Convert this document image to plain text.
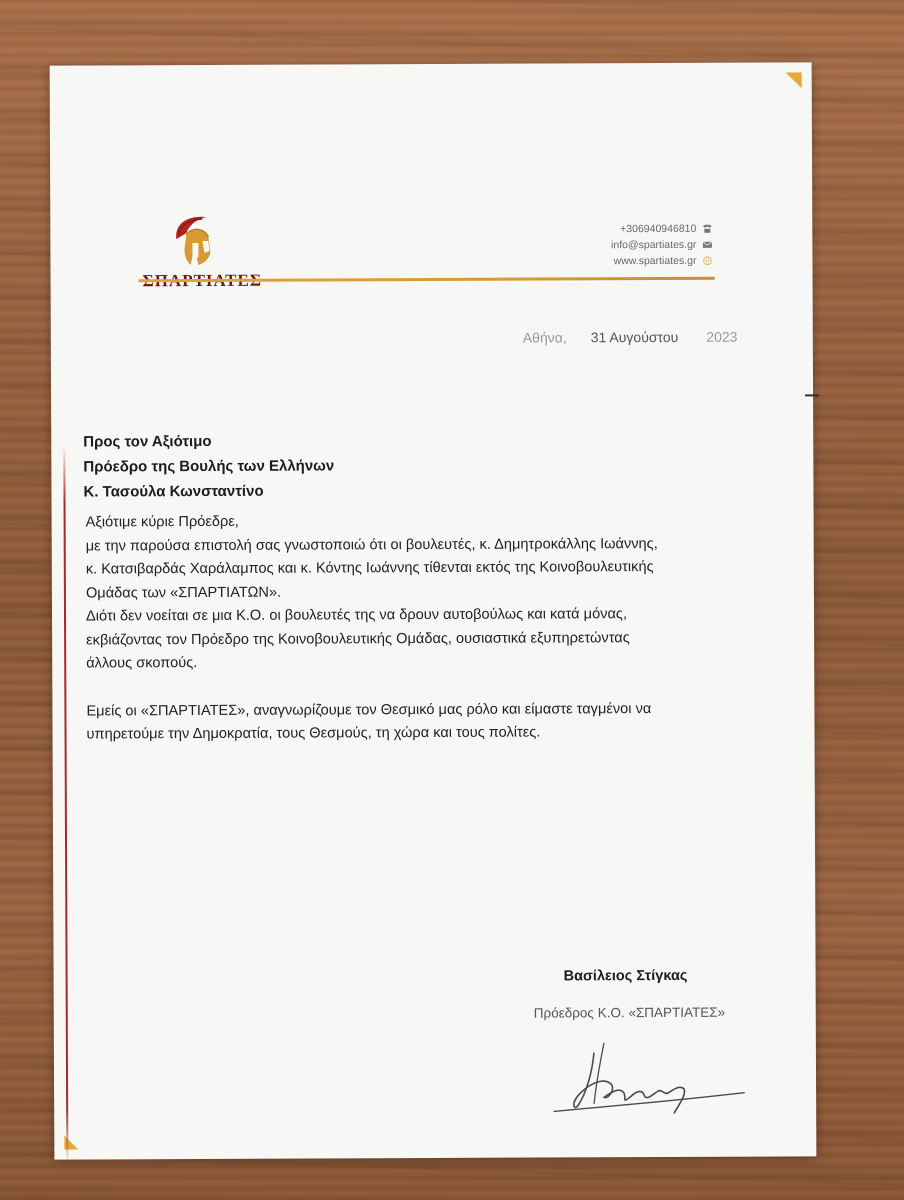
+306940946810
info@spartiates.gr
www.spartiates.gr
Αθήνα, 31 Αυγούστου 2023
Προς τον Αξιότιμο
Πρόεδρο της Βουλής των Ελλήνων
Κ. Τασούλα Κωνσταντίνο

Αξιότιμε κύριε Πρόεδρε,

με την παρούσα επιστολή σας γνωστοποιώ ότι οι βουλευτές, κ. Δημητροκάλλης Ιωάννης,

κ. Κατσιβαρδάς Χαράλαμπος και κ. Κόντης Ιωάννης τίθενται εκτός της Κοινοβουλευτικής

Ομάδας των «ΣΠΑΡΤΙΑΤΩΝ».

Διότι δεν νοείται σε μια Κ.Ο. οι βουλευτές της να δρουν αυτοβούλως και κατά μόνας,

εκβιάζοντας τον Πρόεδρο της Κοινοβουλευτικής Ομάδας, ουσιαστικά εξυπηρετώντας

άλλους σκοπούς.

Εμείς οι «ΣΠΑΡΤΙΑΤΕΣ», αναγνωρίζουμε τον Θεσμικό μας ρόλο και είμαστε ταγμένοι να

υπηρετούμε την Δημοκρατία, τους Θεσμούς, τη χώρα και τους πολίτες.

Βασίλειος Στίγκας
Πρόεδρος Κ.Ο. «ΣΠΑΡΤΙΑΤΕΣ»
